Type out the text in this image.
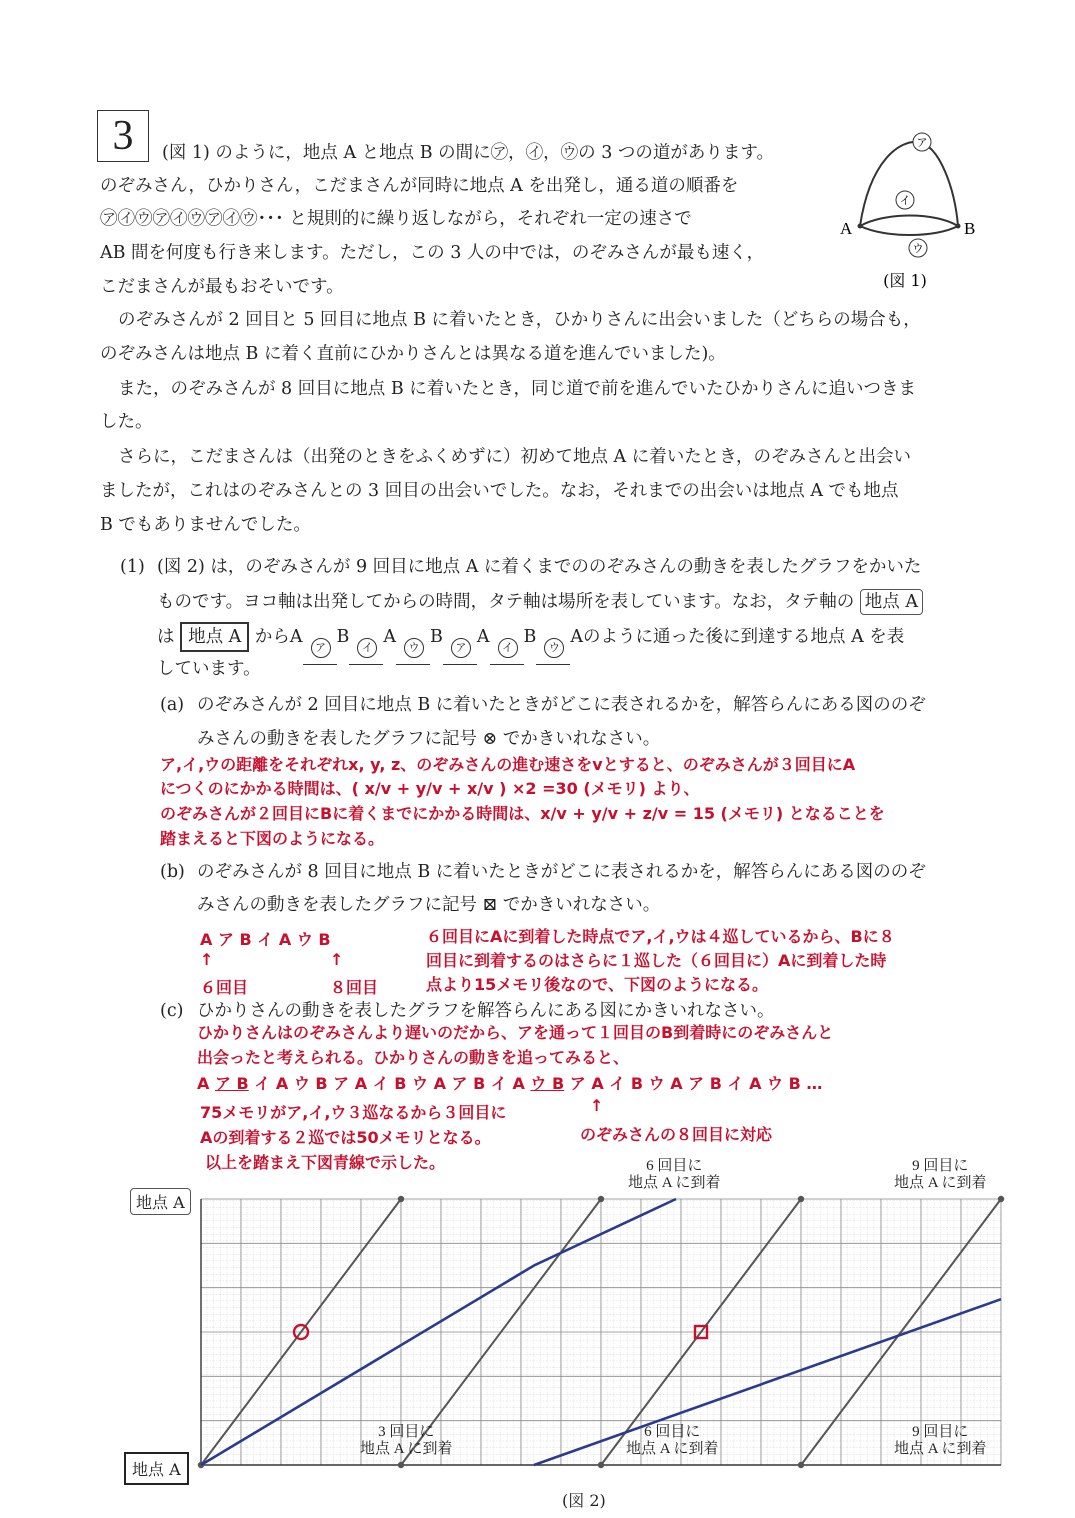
3	(図 1) のように，地点 A と地点 B の間に㋐，㋑，㋒の 3 つの道があります。
のぞみさん，ひかりさん，こだまさんが同時に地点 A を出発し，通る道の順番を
㋐㋑㋒㋐㋑㋒㋐㋑㋒･･･ と規則的に繰り返しながら，それぞれ一定の速さで
AB 間を何度も行き来します。ただし，この 3 人の中では，のぞみさんが最も速く，
こだまさんが最もおそいです。
ア
イ
ウ
A	B
(図 1)
のぞみさんが 2 回目と 5 回目に地点 B に着いたとき，ひかりさんに出会いました（どちらの場合も，
のぞみさんは地点 B に着く直前にひかりさんとは異なる道を進んでいました)。
また，のぞみさんが 8 回目に地点 B に着いたとき，同じ道で前を進んでいたひかりさんに追いつきま
した。
さらに，こだまさんは（出発のときをふくめずに）初めて地点 A に着いたとき，のぞみさんと出会い
ましたが，これはのぞみさんとの 3 回目の出会いでした。なお，それまでの出会いは地点 A でも地点
B でもありませんでした。
(1) (図 2) は，のぞみさんが 9 回目に地点 A に着くまでののぞみさんの動きを表したグラフをかいた
ものです。ヨコ軸は出発してからの時間，タテ軸は場所を表しています。なお，タテ軸の 地点 A
は 地点 A からA
ア
B
イ
A
ウ
B
ア
A
イ
B
ウ
Aのように通った後に到達する地点 A を表
しています。
(a) のぞみさんが 2 回目に地点 B に着いたときがどこに表されるかを，解答らんにある図ののぞ
みさんの動きを表したグラフに記号 ⊗ でかきいれなさい。
ア,イ,ウの距離をそれぞれx, y, z、のぞみさんの進む速さをvとすると、のぞみさんが３回目にA
につくのにかかる時間は、( x/v + y/v + x/v ) ×2 =30 (メモリ) より、
のぞみさんが２回目にBに着くまでにかかる時間は、x/v + y/v + z/v = 15 (メモリ) となることを
踏まえると下図のようになる。
(b) のぞみさんが 8 回目に地点 B に着いたときがどこに表されるかを，解答らんにある図ののぞ
みさんの動きを表したグラフに記号 ⊠ でかきいれなさい。
A ア B イ A ウ B
↑	↑
６回目	８回目
６回目にAに到着した時点でア,イ,ウは４巡しているから、Bに８
回目に到着するのはさらに１巡した（６回目に）Aに到着した時
点より15メモリ後なので、下図のようになる。
(c) ひかりさんの動きを表したグラフを解答らんにある図にかきいれなさい。
ひかりさんはのぞみさんより遅いのだから、アを通って１回目のB到着時にのぞみさんと
出会ったと考えられる。ひかりさんの動きを追ってみると、
A ア B イ A ウ B ア A イ B ウ A ア B イ A ウ B ア A イ B ウ A ア B イ A ウ B …
75メモリがア,イ,ウ３巡なるから３回目に
Aの到着する２巡では50メモリとなる。
以上を踏まえ下図青線で示した。
↑
のぞみさんの８回目に対応
地点 A
地点 A
3 回目に
地点 A に到着
6 回目に
地点 A に到着
6 回目に
地点 A に到着
9 回目に
地点 A に到着
9 回目に
地点 A に到着
(図 2)
